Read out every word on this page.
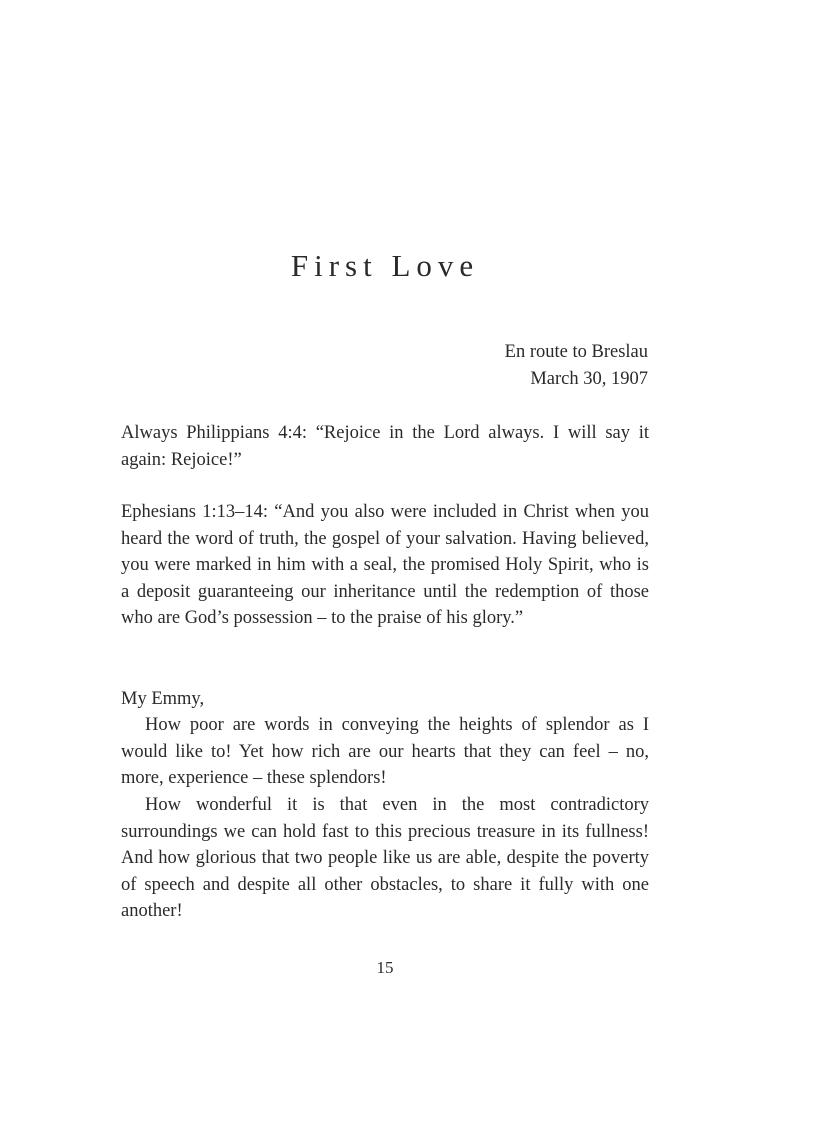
First Love
En route to Breslau
March 30, 1907

Always Philippians 4:4: “Rejoice in the Lord always. I will say it again: Rejoice!”

Ephesians 1:13–14: “And you also were included in Christ when you heard the word of truth, the gospel of your salvation. Having believed, you were marked in him with a seal, the promised Holy Spirit, who is a deposit guaranteeing our inheritance until the redemption of those who are God’s possession – to the praise of his glory.”

My Emmy,

How poor are words in conveying the heights of splendor as I would like to! Yet how rich are our hearts that they can feel – no, more, experience – these splendors!

How wonderful it is that even in the most contradictory surroundings we can hold fast to this precious treasure in its fullness! And how glorious that two people like us are able, despite the poverty of speech and despite all other obstacles, to share it fully with one another!

15
